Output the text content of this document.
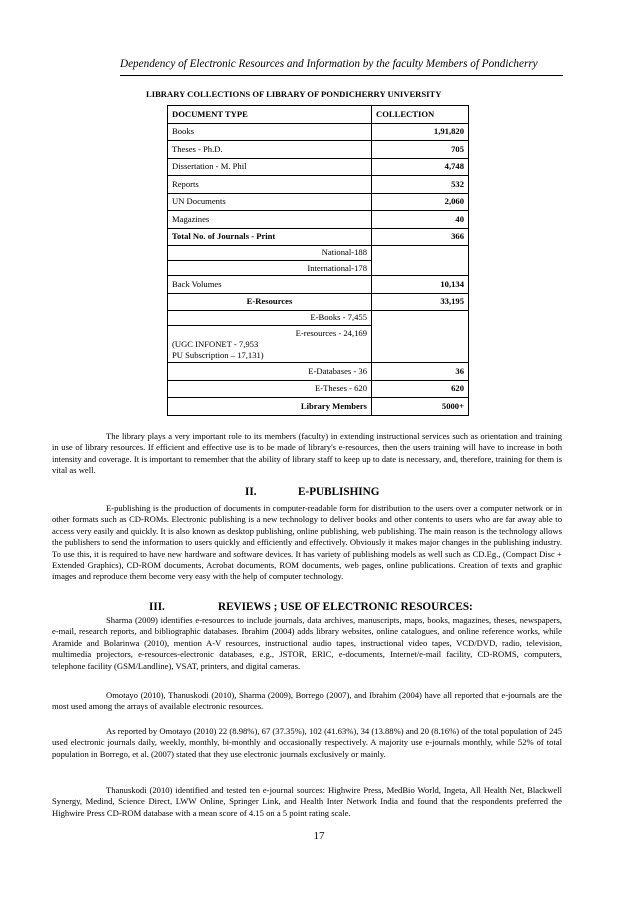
Dependency of Electronic Resources and Information by the faculty Members of Pondicherry
LIBRARY COLLECTIONS OF LIBRARY OF PONDICHERRY UNIVERSITY
DOCUMENT TYPE	COLLECTION
Books	1,91,820
Theses - Ph.D.	705
Dissertation - M. Phil	4,748
Reports	532
UN Documents	2,060
Magazines	40
Total No. of Journals - Print	366

National-188
International-178	

Back Volumes	10,134
E-Resources	33,195

E-Books - 7,455
E-resources - 24,169
(UGC INFONET - 7,953
PU Subscription – 17,131)	

E-Databases - 36	36
E-Theses - 620	620
Library Members	5000+

The library plays a very important role to its members (faculty) in extending instructional services such as orientation and training in use of library resources. If efficient and effective use is to be made of library's e-resources, then the users training will have to increase in both intensity and coverage. It is important to remember that the ability of library staff to keep up to date is necessary, and, therefore, training for them is vital as well.

II.	E-PUBLISHING

E-publishing is the production of documents in computer-readable form for distribution to the users over a computer network or in other formats such as CD-ROMs. Electronic publishing is a new technology to deliver books and other contents to users who are far away able to access very easily and quickly. It is also known as desktop publishing, online publishing, web publishing. The main reason is the technology allows the publishers to send the information to users quickly and efficiently and effectively. Obviously it makes major changes in the publishing industry. To use this, it is required to have new hardware and software devices. It has variety of publishing models as well such as CD.Eg., (Compact Disc + Extended Graphics), CD-ROM documents, Acrobat documents, ROM documents, web pages, online publications. Creation of texts and graphic images and reproduce them become very easy with the help of computer technology.

III.	REVIEWS ; USE OF ELECTRONIC RESOURCES:

Sharma (2009) identifies e-resources to include journals, data archives, manuscripts, maps, books, magazines, theses, newspapers, e-mail, research reports, and bibliographic databases. Ibrahim (2004) adds library websites, online catalogues, and online reference works, while Aramide and Bolarinwa (2010), mention A-V resources, instructional audio tapes, instructional video tapes, VCD/DVD, radio, television, multimedia projectors, e-resources-electronic databases, e.g., JSTOR, ERIC, e-documents, Internet/e-mail facility, CD-ROMS, computers, telephone facility (GSM/Landline), VSAT, printers, and digital cameras.

Omotayo (2010), Thanuskodi (2010), Sharma (2009), Borrego (2007), and Ibrahim (2004) have all reported that e-journals are the most used among the arrays of available electronic resources.

As reported by Omotayo (2010) 22 (8.98%), 67 (37.35%), 102 (41.63%), 34 (13.88%) and 20 (8.16%) of the total population of 245 used electronic journals daily, weekly, monthly, bi-monthly and occasionally respectively. A majority use e-journals monthly, while 52% of total population in Borrego, et al. (2007) stated that they use electronic journals exclusively or mainly.

Thanuskodi (2010) identified and tested ten e-journal sources: Highwire Press, MedBio World, Ingeta, All Health Net, Blackwell Synergy, Medind, Science Direct, LWW Online, Springer Link, and Health Inter Network India and found that the respondents preferred the Highwire Press CD-ROM database with a mean score of 4.15 on a 5 point rating scale.

17
